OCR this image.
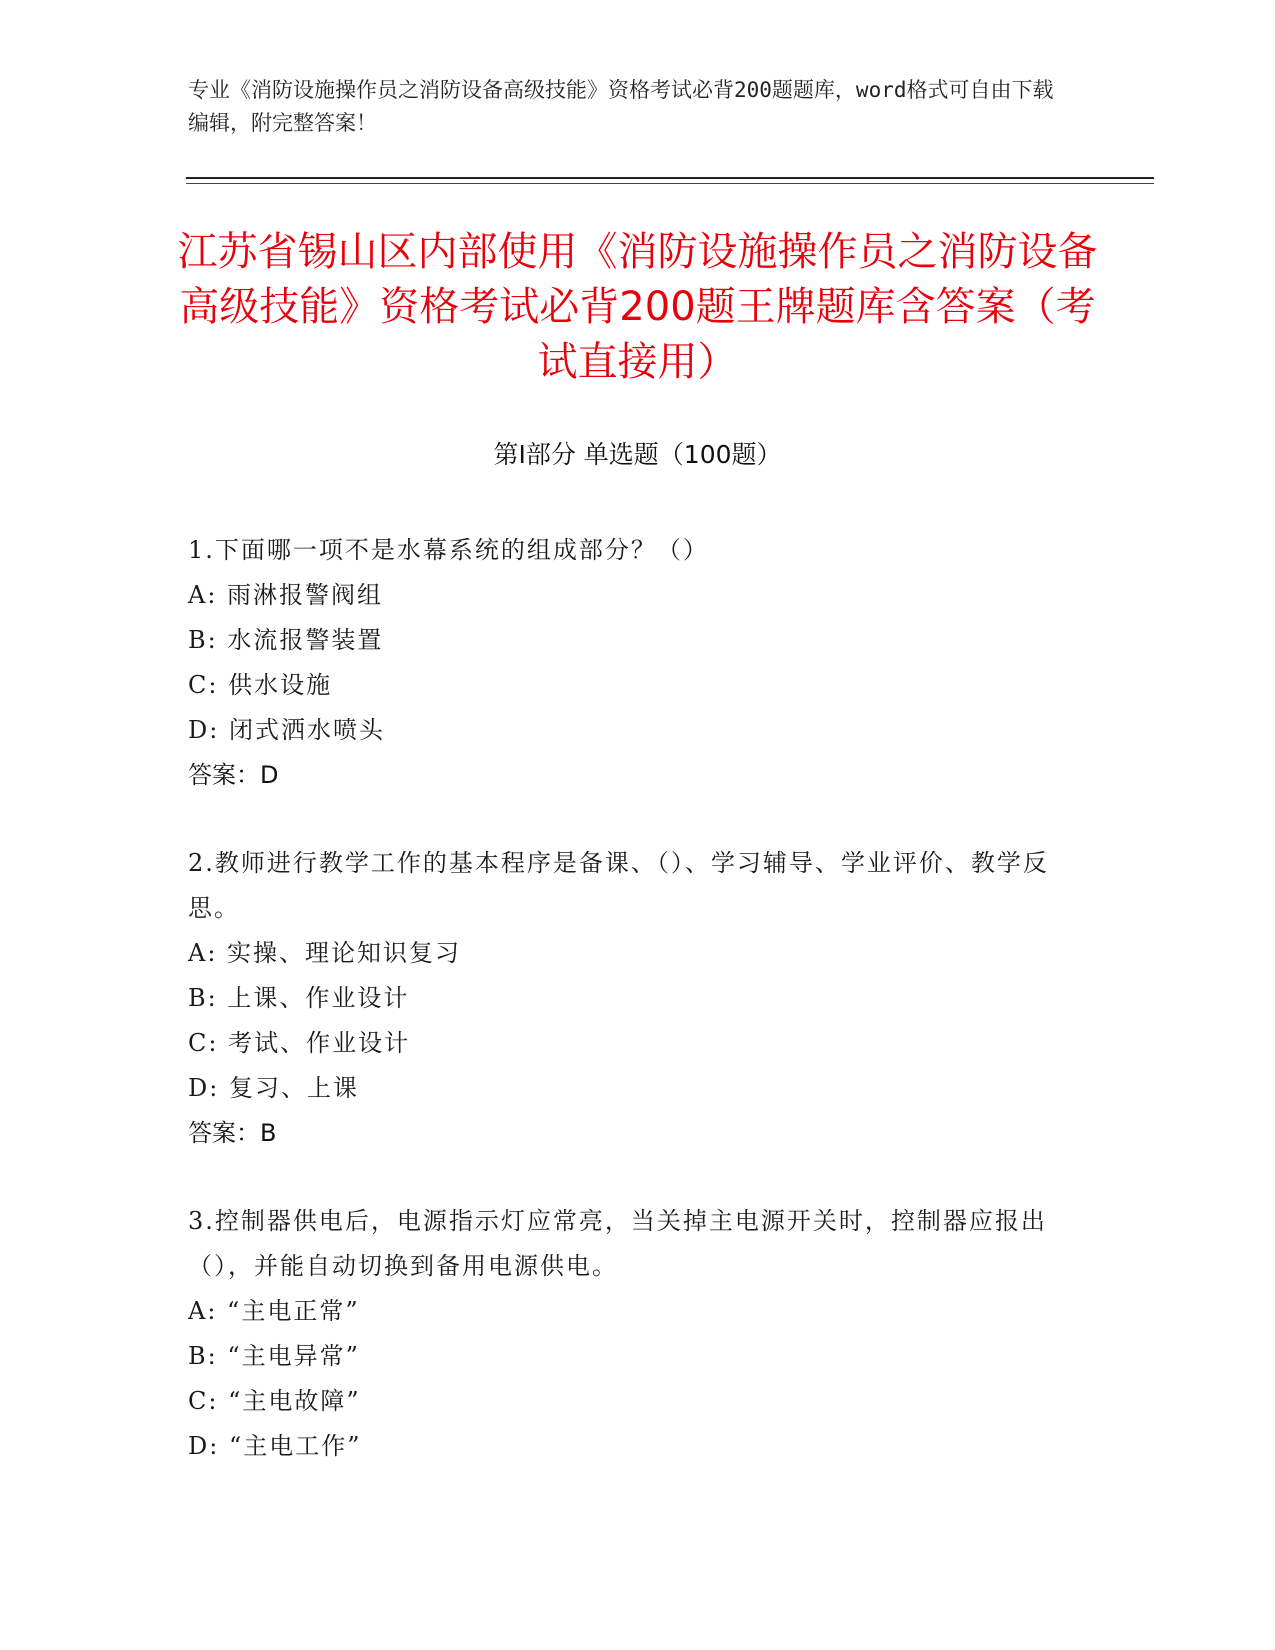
专业《消防设施操作员之消防设备高级技能》资格考试必背200题题库，word格式可自由下载编辑，附完整答案！
江苏省锡山区内部使用《消防设施操作员之消防设备高级技能》资格考试必背200题王牌题库含答案（考试直接用）
第Ⅰ部分 单选题（100题）

1.下面哪一项不是水幕系统的组成部分？（）

A: 雨淋报警阀组

B: 水流报警装置

C: 供水设施

D: 闭式洒水喷头

答案：D

2.教师进行教学工作的基本程序是备课、（）、学习辅导、学业评价、教学反思。

A: 实操、理论知识复习

B: 上课、作业设计

C: 考试、作业设计

D: 复习、上课

答案：B

3.控制器供电后，电源指示灯应常亮，当关掉主电源开关时，控制器应报出（），并能自动切换到备用电源供电。

A: “主电正常”

B: “主电异常”

C: “主电故障”

D: “主电工作”
